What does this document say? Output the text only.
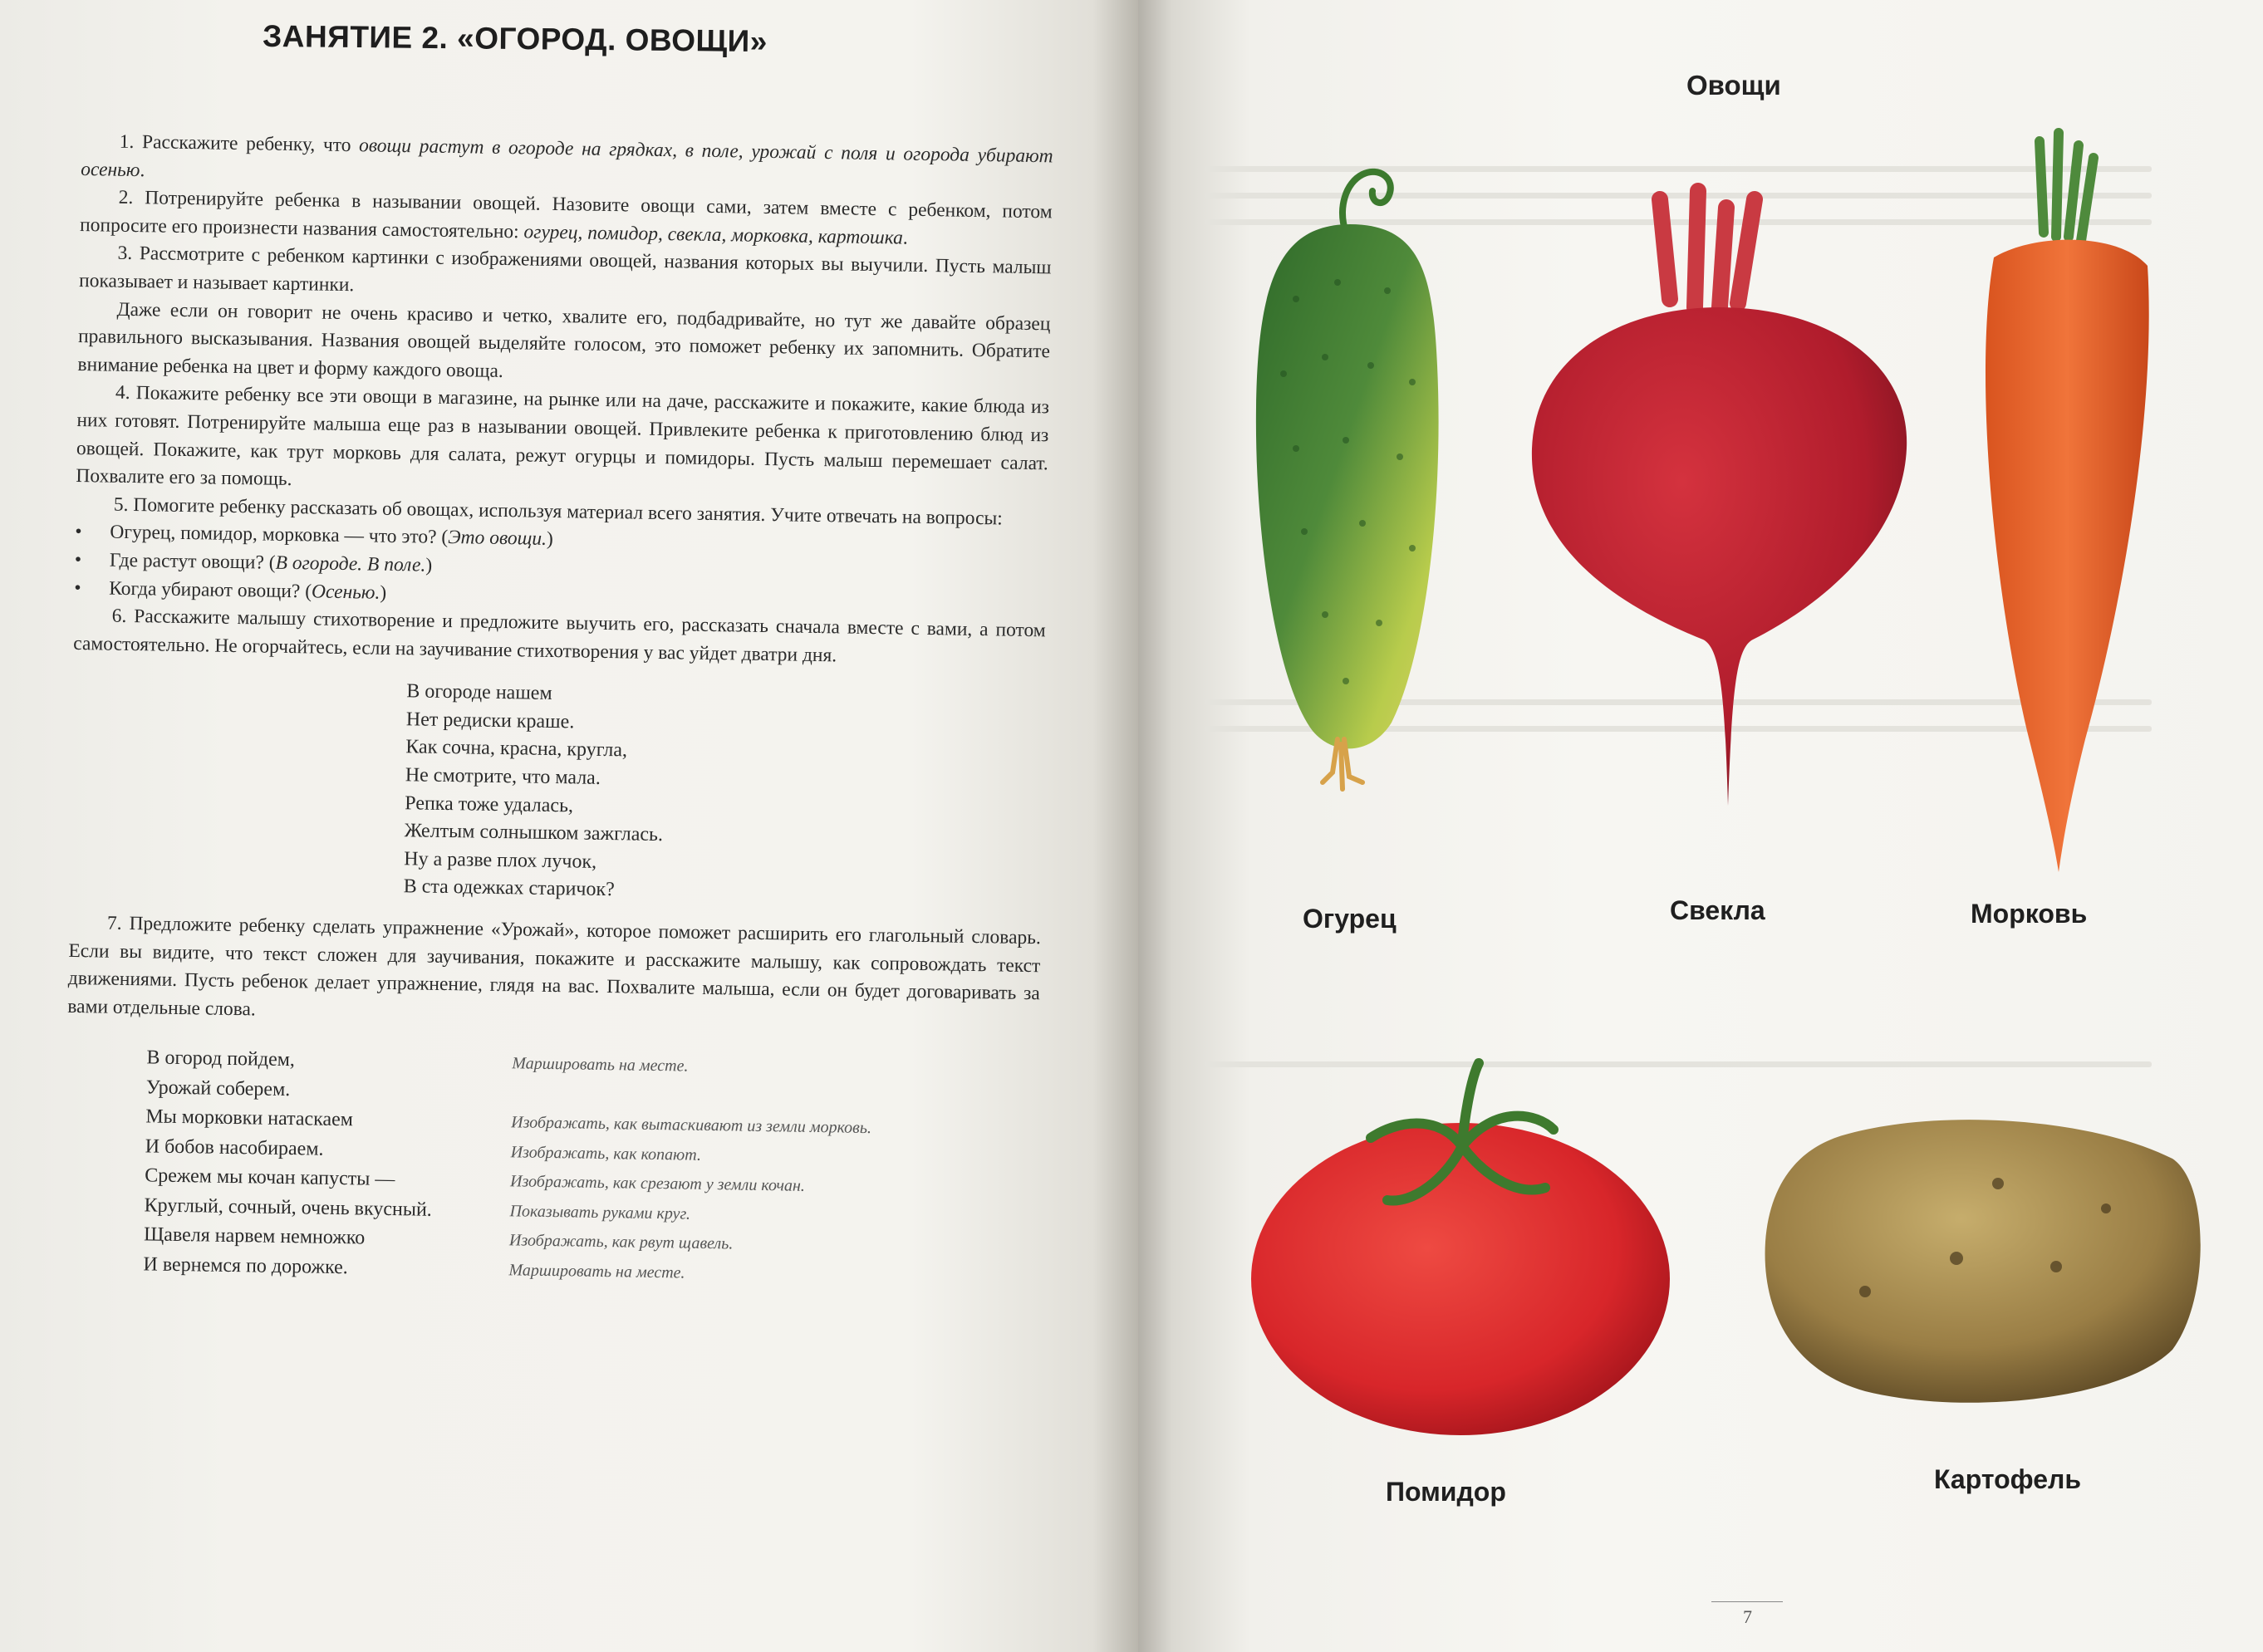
ЗАНЯТИЕ 2. «ОГОРОД. ОВОЩИ»

1. Расскажите ребенку, что овощи растут в огороде на грядках, в поле, урожай с поля и огорода убирают осенью.

2. Потренируйте ребенка в назывании овощей. Назовите овощи сами, затем вместе с ребенком, потом попросите его произнести названия самостоятельно: огурец, помидор, свекла, морковка, картошка.

3. Рассмотрите с ребенком картинки с изображениями овощей, названия которых вы выучили. Пусть малыш показывает и называет картинки.

Даже если он говорит не очень красиво и четко, хвалите его, подбадривайте, но тут же давайте образец правильного высказывания. Названия овощей выделяйте голосом, это поможет ребенку их запомнить. Обратите внимание ребенка на цвет и форму каждого овоща.

4. Покажите ребенку все эти овощи в магазине, на рынке или на даче, расскажите и покажите, какие блюда из них готовят. Потренируйте малыша еще раз в назывании овощей. Привлеките ребенка к приготовлению блюд из овощей. Покажите, как трут морковь для салата, режут огурцы и помидоры. Пусть малыш перемешает салат. Похвалите его за помощь.

5. Помогите ребенку рассказать об овощах, используя материал всего занятия. Учите отвечать на вопросы:

• Огурец, помидор, морковка — что это? (Это овощи.)
• Где растут овощи? (В огороде. В поле.)
• Когда убирают овощи? (Осенью.)

6. Расскажите малышу стихотворение и предложите выучить его, рассказать сначала вместе с вами, а потом самостоятельно. Не огорчайтесь, если на заучивание стихотворения у вас уйдет дватри дня.

В огороде нашем
Нет редиски краше.
Как сочна, красна, кругла,
Не смотрите, что мала.
Репка тоже удалась,
Желтым солнышком зажглась.
Ну а разве плох лучок,
В ста одежках старичок?

7. Предложите ребенку сделать упражнение «Урожай», которое поможет расширить его глагольный словарь. Если вы видите, что текст сложен для заучивания, покажите и расскажите малышу, как сопровождать текст движениями. Пусть ребенок делает упражнение, глядя на вас. Похвалите малыша, если он будет договаривать за вами отдельные слова.

В огород пойдем,	Маршировать на месте.
Урожай соберем.
Мы морковки натаскаем	Изображать, как вытаскивают из земли морковь.
И бобов насобираем.	Изображать, как копают.
Срежем мы кочан капусты —	Изображать, как срезают у земли кочан.
Круглый, сочный, очень вкусный.	Показывать руками круг.
Щавеля нарвем немножко	Изображать, как рвут щавель.
И вернемся по дорожке.	Маршировать на месте.
Овощи
Огурец	Свекла	Морковь
Помидор	Картофель
7
